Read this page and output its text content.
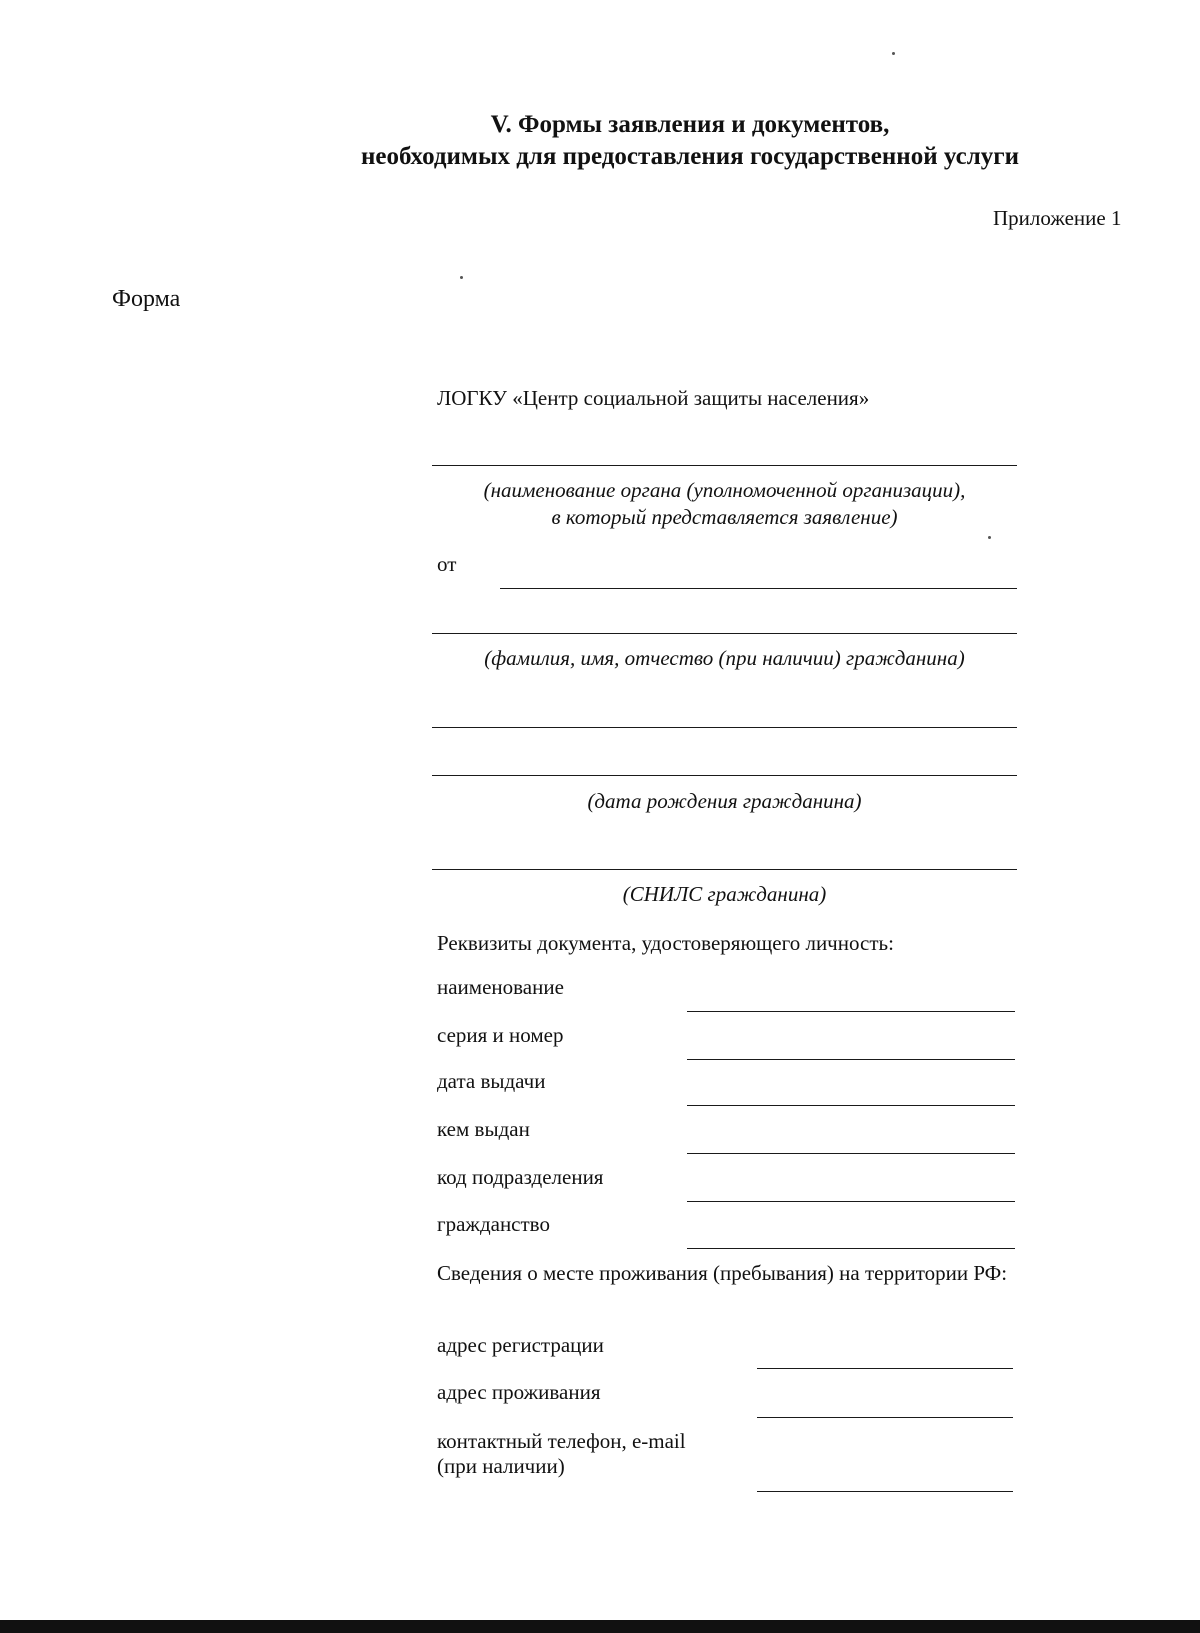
V. Формы заявления и документов,
необходимых для предоставления государственной услуги
Приложение 1
Форма
ЛОГКУ «Центр социальной защиты населения»
(наименование органа (уполномоченной организации),
в который представляется заявление)
от
(фамилия, имя, отчество (при наличии) гражданина)
(дата рождения гражданина)
(СНИЛС гражданина)
Реквизиты документа, удостоверяющего личность:
наименование
серия и номер
дата выдачи
кем выдан
код подразделения
гражданство
Сведения о месте проживания (пребывания) на территории РФ:
адрес регистрации
адрес проживания
контактный телефон, e-mail
(при наличии)
